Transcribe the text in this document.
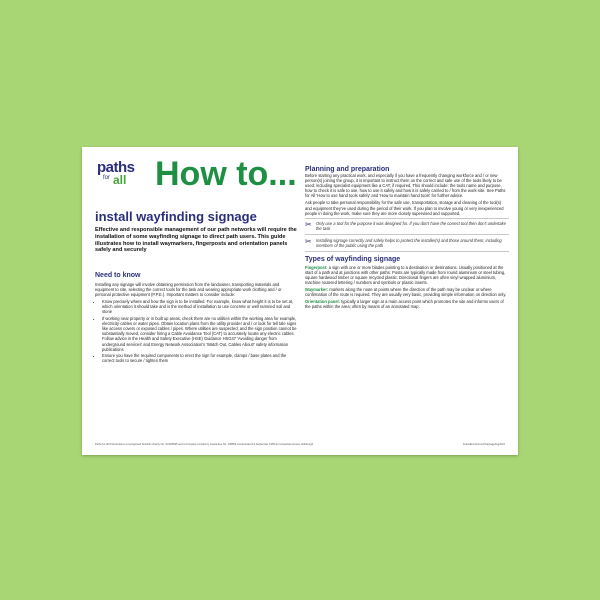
paths
for all How to...
install wayfinding signage
Effective and responsible management of our path networks will require the installation of some wayfinding signage to direct path users. This guide illustrates how to install waymarkers, fingerposts and orientation panels safely and securely
Need to know

Installing any signage will involve obtaining permission from the landowner, transporting materials and equipment to site, selecting the correct tools for the task and wearing appropriate work clothing and / or personal protective equipment (P.P.E.). Important matters to consider include:

• Know precisely where and how the sign is to be installed. For example, know what height it is to be set at, which orientation it should take and is the method of installation to use concrete or well rammed soil and stone
• If working near property or in built up areas, check there are no utilities within the working area for example, electricity cables or water pipes. Obtain location plans from the utility provider and / or look for tell tale signs like access covers or exposed cables / pipes. Where utilities are suspected, and the sign position cannot be substantially moved, consider hiring a Cable Avoidance Tool (CAT) to accurately locate any electric cables. Follow advice in the Health and Safety Executive (HSE) Guidance HSG47 'Avoiding danger from underground services' and Energy Network Association's 'Watch Out, Cables About!' safety information publications
• Ensure you have the required components to erect the sign for example, clamps / base plates and the correct tools to secure / tighten them
Planning and preparation

Before starting any practical work, and especially if you have a frequently changing workforce and / or new person(s) joining the group, it is important to instruct them on the correct and safe use of the tools likely to be used; including specialist equipment like a CAT, if required. This should include: the tools name and purpose, how to check it is safe to use, how to use it safely and how it is safely carried to / from the work-site. See Paths for All 'How to use hand tools safely' and 'How to maintain hand tools' for further advice.

Ask people to take personal responsibility for the safe use, transportation, storage and cleaning of the tool(s) and equipment they've used during the period of their work. If you plan to involve young or very inexperienced people in doing the work, make sure they are more closely supervised and supported.

✂	Only use a tool for the purpose it was designed for. If you don't have the correct tool then don't undertake the task
✂	Installing signage correctly and safely helps to protect the installer(s) and those around them; including members of the public using the path
Types of wayfinding signage

Fingerpost: a sign with one or more blades pointing to a destination or destinations. Usually positioned at the start of a path and at junctions with other paths. Posts are typically made from round aluminium or steel tubing, square hardwood timber or square recycled plastic. Directional fingers are often vinyl wrapped aluminium, machine routered lettering / numbers and symbols or plastic inserts.

Waymarker: markers along the route at points where the direction of the path may be unclear or where confirmation of the route is required. They are usually very basic, providing simple information on direction only.

Orientation panel: typically a larger sign at a main access point which promotes the site and informs users of the paths within the area; often by means of an annotated map.

Paths for All Partnership is a recognised Scottish Charity No: SC025535 and a Company Limited by Guarantee No: 168554 incorporated 19 September 1995 at Companies House, Edinburgh.	ActiveEnvironment/SignageAug2021
